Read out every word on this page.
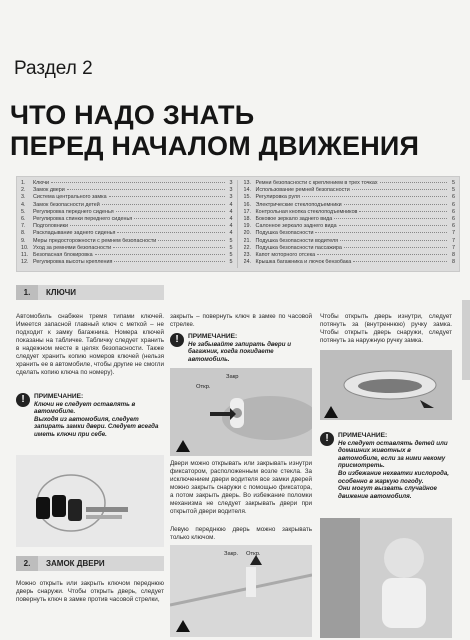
Раздел 2
ЧТО НАДО ЗНАТЬ
ПЕРЕД НАЧАЛОМ ДВИЖЕНИЯ
1.	Ключи	3
2.	Замок двери	3
3.	Система центрального замка	3
4.	Замок безопасности детей	4
5.	Регулировка переднего сиденья	4
6.	Регулировка спинки переднего сиденья	4
7.	Подголовники	4
8.	Раскладывание заднего сиденья	4
9.	Меры предосторожности с ремнем безопасности	5
10. Уход за ремнями безопасности	5
11. Безопасная блокировка	5
12. Регулировка высоты крепления	5
13. Ремни безопасности с креплением в трех точках	5
14. Использование ремней безопасности	5
15. Регулировка руля	6
16. Электрические стеклоподъемники	6
17. Контрольная кнопка стеклоподъемников	6
18. Боковое зеркало заднего вида	6
19. Салонное зеркало заднего вида	6
20. Подушка безопасности	7
21. Подушка безопасности водителя	7
22. Подушка безопасности пассажира	7
23. Капот моторного отсека	8
24. Крышка багажника и лючок бензобака	8
1.	КЛЮЧИ
Автомобиль снабжен тремя типами ключей. Имеется запасной главный ключ с меткой – не подходит к замку багажника. Номера ключей показаны на табличке. Табличку следует хранить в надежном месте в целях безопасности. Также следует хранить копию номеров ключей (нельзя хранить ее в автомобиле, чтобы другие не смогли сделать копию ключа по номеру).
!	ПРИМЕЧАНИЕ:
Ключи не следует оставлять в автомобиле.
Выходя из автомобиля, следует запирать замки двери. Следует всегда иметь ключи при себе.
2.	ЗАМОК ДВЕРИ
Можно открыть или закрыть ключом переднюю дверь снаружи. Чтобы открыть дверь, следует повернуть ключ в замке против часовой стрелки,
закрыть – повернуть ключ в замке по часовой стрелке.
!	ПРИМЕЧАНИЕ:
Не забывайте запирать двери и багажник, когда покидаете автомобиль.
Закр
Откр.
Двери можно открывать или закрывать изнутри фиксатором, расположенным возле стекла. За исключением двери водителя все замки дверей можно закрыть снаружи с помощью фиксатора, а потом закрыть дверь. Во избежание поломки механизма не следует закрывать двери при открытой двери водителя.
Левую переднюю дверь можно закрывать только ключом.
Закр. Откр.
Чтобы открыть дверь изнутри, следует потянуть за (внутреннюю) ручку замка. Чтобы открыть дверь снаружи, следует потянуть за наружную ручку замка.
!	ПРИМЕЧАНИЕ:
Не следует оставлять детей или домашних животных в автомобиле, если за ними некому присмотреть.
Во избежание нехватки кислорода, особенно в жаркую погоду.
Они могут вызвать случайное движение автомобиля.
